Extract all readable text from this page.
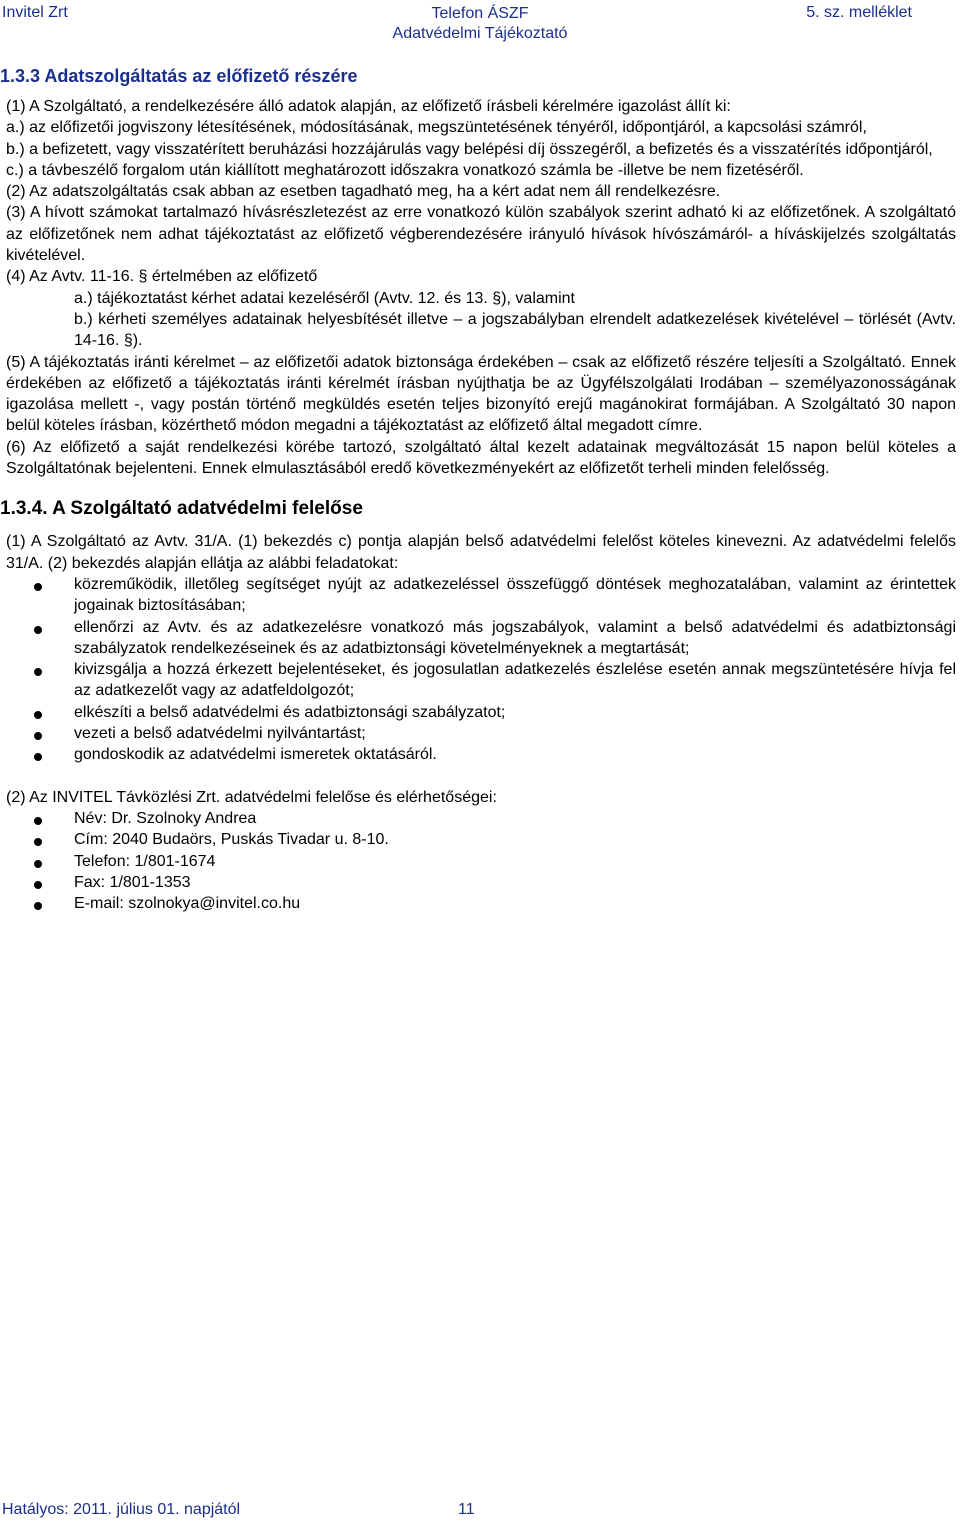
Invitel Zrt	Telefon ÁSZF
Adatvédelmi Tájékoztató
5. sz. melléklet
1.3.3 Adatszolgáltatás az előfizető részére

(1) A Szolgáltató, a rendelkezésére álló adatok alapján, az előfizető írásbeli kérelmére igazolást állít ki:

a.) az előfizetői jogviszony létesítésének, módosításának, megszüntetésének tényéről, időpontjáról, a kapcsolási számról,

b.) a befizetett, vagy visszatérített beruházási hozzájárulás vagy belépési díj összegéről, a befizetés és a visszatérítés időpontjáról,

c.) a távbeszélő forgalom után kiállított meghatározott időszakra vonatkozó számla be -illetve be nem fizetéséről.

(2) Az adatszolgáltatás csak abban az esetben tagadható meg, ha a kért adat nem áll rendelkezésre.

(3) A hívott számokat tartalmazó hívásrészletezést az erre vonatkozó külön szabályok szerint adható ki az előfizetőnek. A szolgáltató az előfizetőnek nem adhat tájékoztatást az előfizető végberendezésére irányuló hívások hívószámáról- a híváskijelzés szolgáltatás kivételével.

(4) Az Avtv. 11-16. § értelmében az előfizető

a.) tájékoztatást kérhet adatai kezeléséről (Avtv. 12. és 13. §), valamint

b.) kérheti személyes adatainak helyesbítését illetve – a jogszabályban elrendelt adatkezelések kivételével – törlését (Avtv. 14-16. §).

(5) A tájékoztatás iránti kérelmet – az előfizetői adatok biztonsága érdekében – csak az előfizető részére teljesíti a Szolgáltató. Ennek érdekében az előfizető a tájékoztatás iránti kérelmét írásban nyújthatja be az Ügyfélszolgálati Irodában – személyazonosságának igazolása mellett -, vagy postán történő megküldés esetén teljes bizonyító erejű magánokirat formájában. A Szolgáltató 30 napon belül köteles írásban, közérthető módon megadni a tájékoztatást az előfizető által megadott címre.

(6) Az előfizető a saját rendelkezési körébe tartozó, szolgáltató által kezelt adatainak megváltozását 15 napon belül köteles a Szolgáltatónak bejelenteni. Ennek elmulasztásából eredő következményekért az előfizetőt terheli minden felelősség.

1.3.4. A Szolgáltató adatvédelmi felelőse

(1) A Szolgáltató az Avtv. 31/A. (1) bekezdés c) pontja alapján belső adatvédelmi felelőst köteles kinevezni. Az adatvédelmi felelős 31/A. (2) bekezdés alapján ellátja az alábbi feladatokat:

közreműködik, illetőleg segítséget nyújt az adatkezeléssel összefüggő döntések meghozatalában, valamint az érintettek jogainak biztosításában;
ellenőrzi az Avtv. és az adatkezelésre vonatkozó más jogszabályok, valamint a belső adatvédelmi és adatbiztonsági szabályzatok rendelkezéseinek és az adatbiztonsági követelményeknek a megtartását;
kivizsgálja a hozzá érkezett bejelentéseket, és jogosulatlan adatkezelés észlelése esetén annak megszüntetésére hívja fel az adatkezelőt vagy az adatfeldolgozót;
elkészíti a belső adatvédelmi és adatbiztonsági szabályzatot;
vezeti a belső adatvédelmi nyilvántartást;
gondoskodik az adatvédelmi ismeretek oktatásáról.

(2) Az INVITEL Távközlési Zrt. adatvédelmi felelőse és elérhetőségei:

Név: Dr. Szolnoky Andrea
Cím: 2040 Budaörs, Puskás Tivadar u. 8-10.
Telefon: 1/801-1674
Fax: 1/801-1353
E-mail: szolnokya@invitel.co.hu
Hatályos: 2011. július 01. napjától	11
